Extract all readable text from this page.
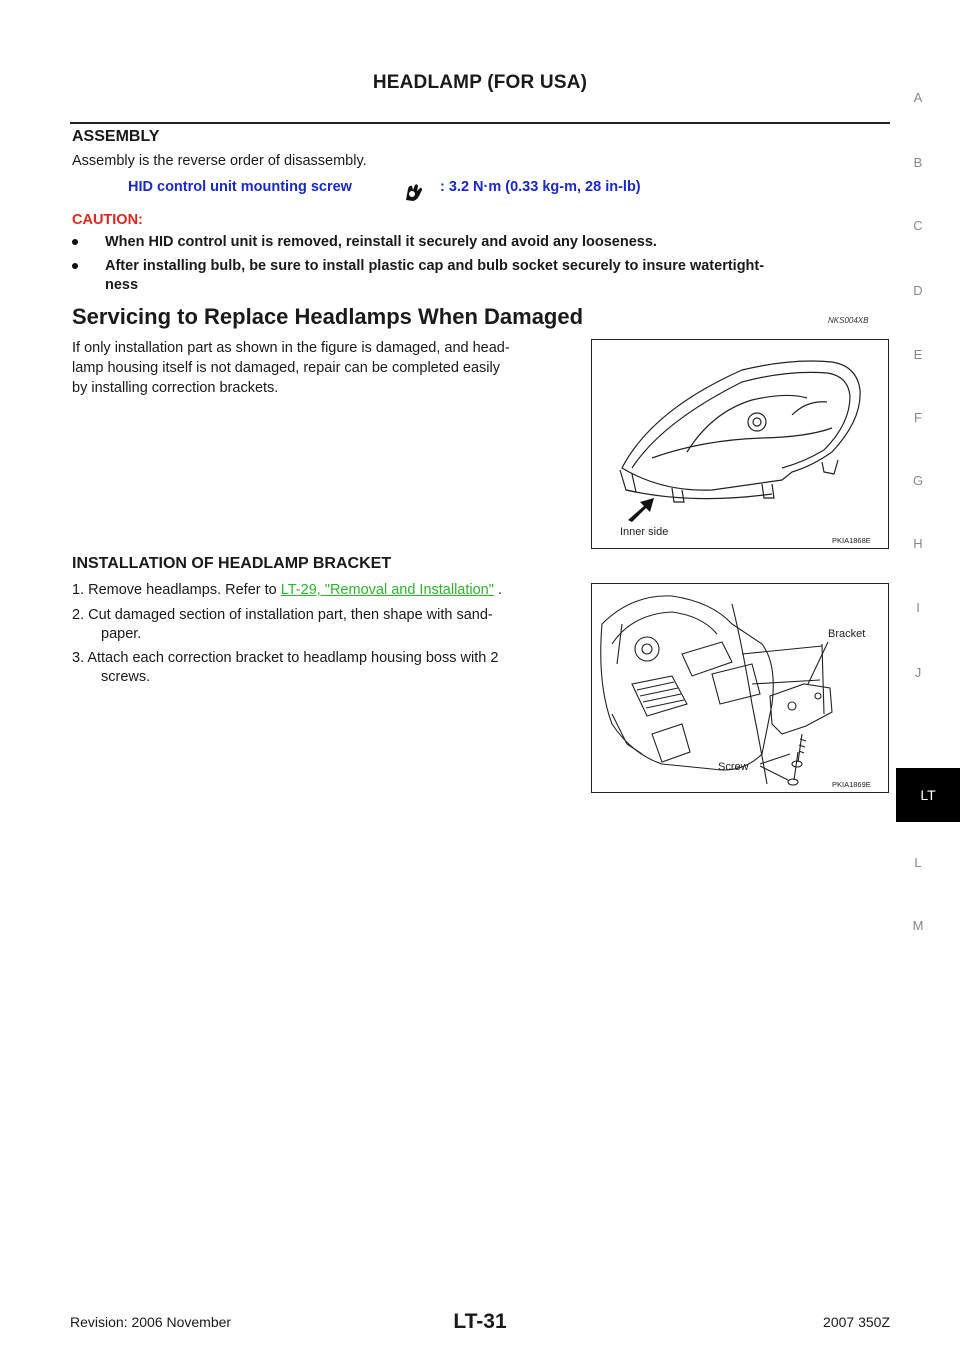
HEADLAMP (FOR USA)
ASSEMBLY
Assembly is the reverse order of disassembly.
HID control unit mounting screw	: 3.2 N·m (0.33 kg-m, 28 in-lb)
CAUTION:
When HID control unit is removed, reinstall it securely and avoid any looseness.
After installing bulb, be sure to install plastic cap and bulb socket securely to insure watertight-
ness
Servicing to Replace Headlamps When Damaged	NKS004XB
If only installation part as shown in the figure is damaged, and head-
lamp housing itself is not damaged, repair can be completed easily
by installing correction brackets.
Inner side
PKIA1868E
INSTALLATION OF HEADLAMP BRACKET
1. Remove headlamps. Refer to LT-29, "Removal and Installation" .
2. Cut damaged section of installation part, then shape with sand-
paper.
3. Attach each correction bracket to headlamp housing boss with 2
screws.
Bracket
Screw
PKIA1869E
A
B
C
D
E
F
G
H
I
J
LT
L
M
Revision: 2006 November	LT-31	2007 350Z
